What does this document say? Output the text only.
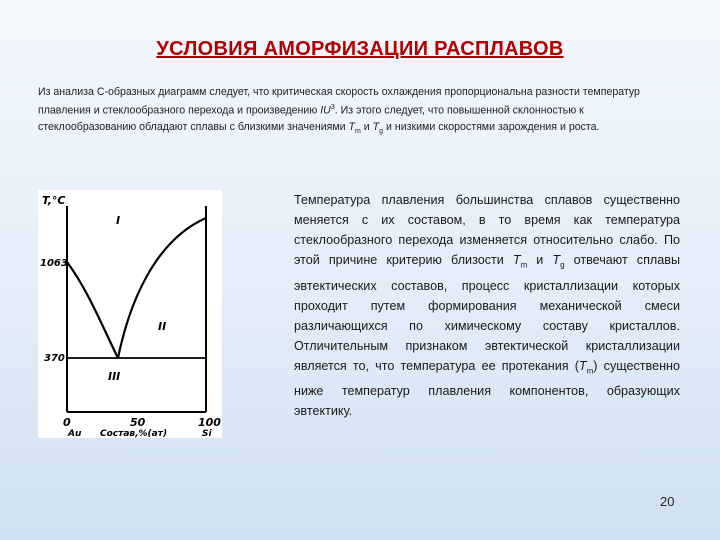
УСЛОВИЯ АМОРФИЗАЦИИ РАСПЛАВОВ
Из анализа С-образных диаграмм следует, что критическая скорость охлаждения пропорциональна разности температур плавления и стеклообразного перехода и произведению $IU^3$. Из этого следует, что повышенной склонностью к стеклообразованию обладают сплавы с близкими значениями $T_m$ и $T_g$ и низкими скоростями зарождения и роста.
T,°C
1063
370
I
II
III
0	50	100
Au Состав,%(ат)	Si
Температура плавления большинства сплавов существенно меняется с их составом, в то время как температура стеклообразного перехода изменяется относительно слабо. По этой причине критерию близости $T_m$ и $T_g$ отвечают сплавы эвтектических составов, процесс кристаллизации которых проходит путем формирования механической смеси различающихся по химическому составу кристаллов. Отличительным признаком эвтектической кристаллизации является то, что температура ее протекания $(T_m)$ существенно ниже температур плавления компонентов, образующих эвтектику.
20
